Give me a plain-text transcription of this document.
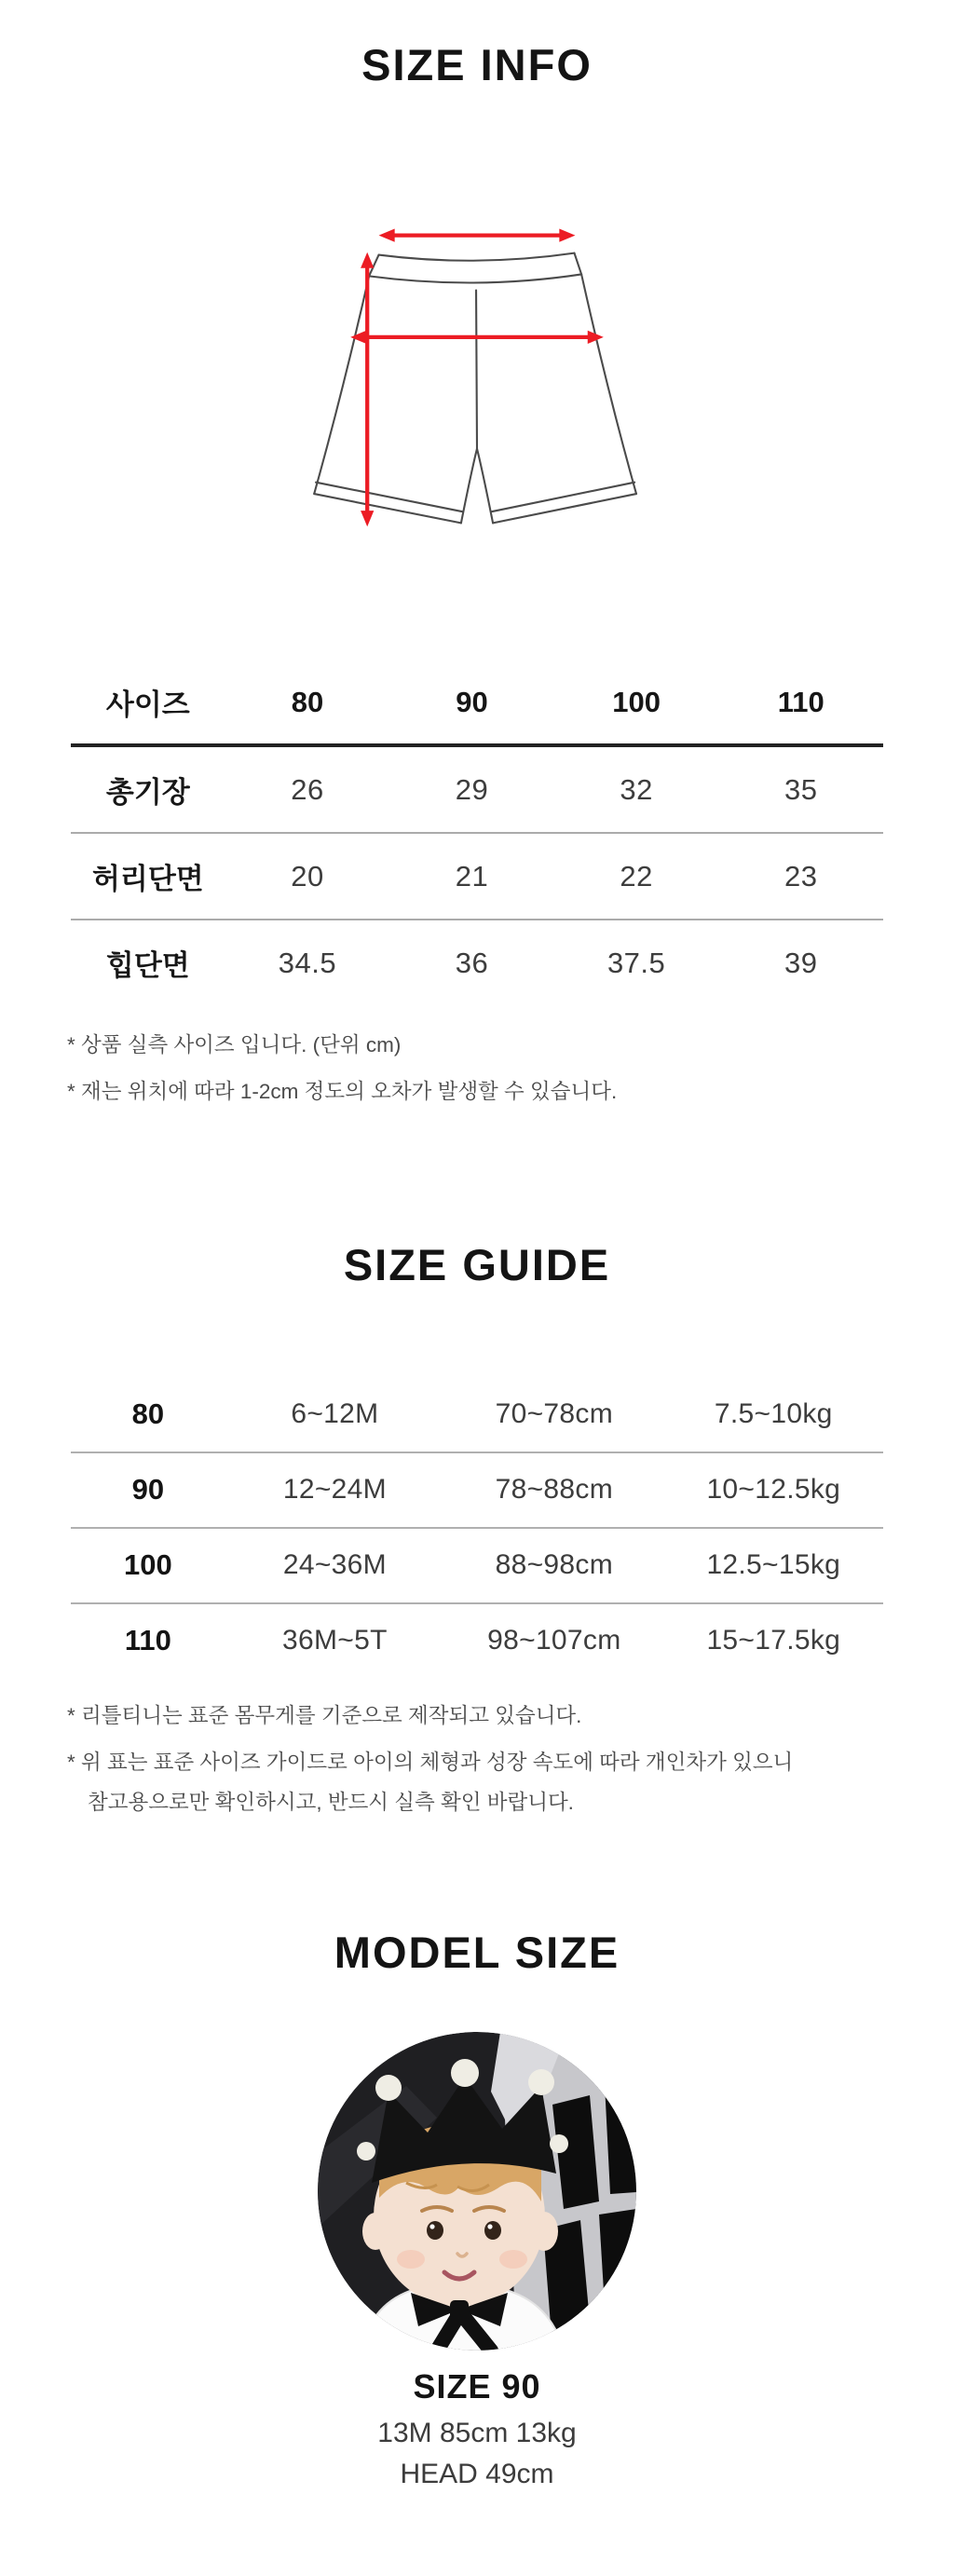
SIZE INFO
사이즈	80	90	100	110
총기장	26	29	32	35
허리단면	20	21	22	23
힙단면	34.5	36	37.5	39

* 상품 실측 사이즈 입니다. (단위 cm)

* 재는 위치에 따라 1-2cm 정도의 오차가 발생할 수 있습니다.

SIZE GUIDE
80	6~12M	70~78cm	7.5~10kg
90	12~24M	78~88cm	10~12.5kg
100	24~36M	88~98cm	12.5~15kg
110	36M~5T	98~107cm	15~17.5kg

* 리틀티니는 표준 몸무게를 기준으로 제작되고 있습니다.

* 위 표는 표준 사이즈 가이드로 아이의 체형과 성장 속도에 따라 개인차가 있으니

참고용으로만 확인하시고, 반드시 실측 확인 바랍니다.

MODEL SIZE
SIZE 90

13M 85cm 13kg

HEAD 49cm
